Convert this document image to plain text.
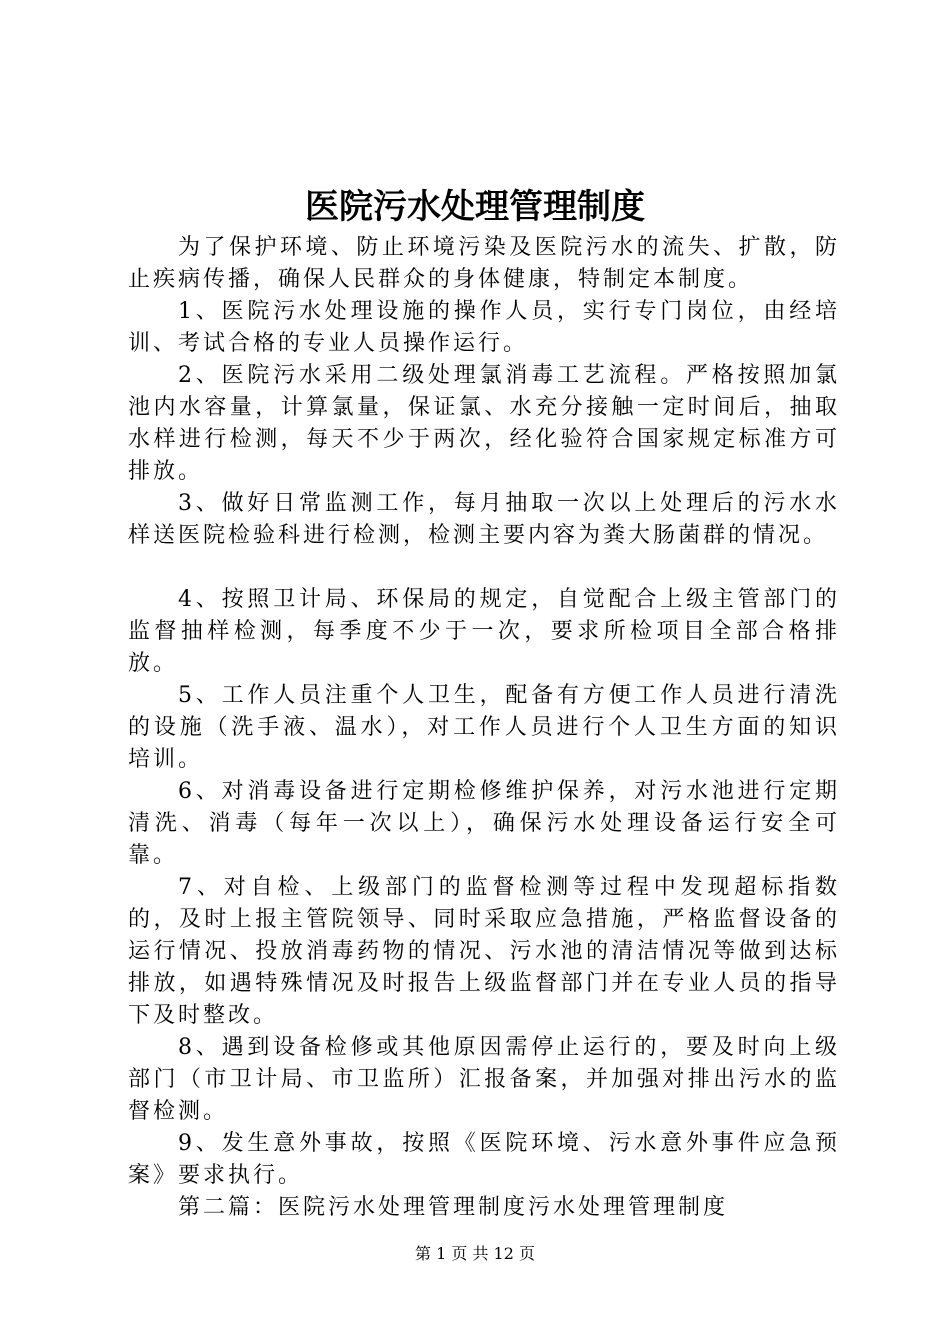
医院污水处理管理制度

为了保护环境、防止环境污染及医院污水的流失、扩散，防止疾病传播，确保人民群众的身体健康，特制定本制度。

1、医院污水处理设施的操作人员，实行专门岗位，由经培训、考试合格的专业人员操作运行。

2、医院污水采用二级处理氯消毒工艺流程。严格按照加氯池内水容量，计算氯量，保证氯、水充分接触一定时间后，抽取水样进行检测，每天不少于两次，经化验符合国家规定标准方可排放。

3、做好日常监测工作，每月抽取一次以上处理后的污水水样送医院检验科进行检测，检测主要内容为粪大肠菌群的情况。

4、按照卫计局、环保局的规定，自觉配合上级主管部门的监督抽样检测，每季度不少于一次，要求所检项目全部合格排放。

5、工作人员注重个人卫生，配备有方便工作人员进行清洗的设施（洗手液、温水），对工作人员进行个人卫生方面的知识培训。

6、对消毒设备进行定期检修维护保养，对污水池进行定期清洗、消毒（每年一次以上），确保污水处理设备运行安全可靠。

7、对自检、上级部门的监督检测等过程中发现超标指数的，及时上报主管院领导、同时采取应急措施，严格监督设备的运行情况、投放消毒药物的情况、污水池的清洁情况等做到达标排放，如遇特殊情况及时报告上级监督部门并在专业人员的指导下及时整改。

8、遇到设备检修或其他原因需停止运行的，要及时向上级部门（市卫计局、市卫监所）汇报备案，并加强对排出污水的监督检测。

9、发生意外事故，按照《医院环境、污水意外事件应急预案》要求执行。

第二篇：医院污水处理管理制度污水处理管理制度

第 1 页 共 12 页
